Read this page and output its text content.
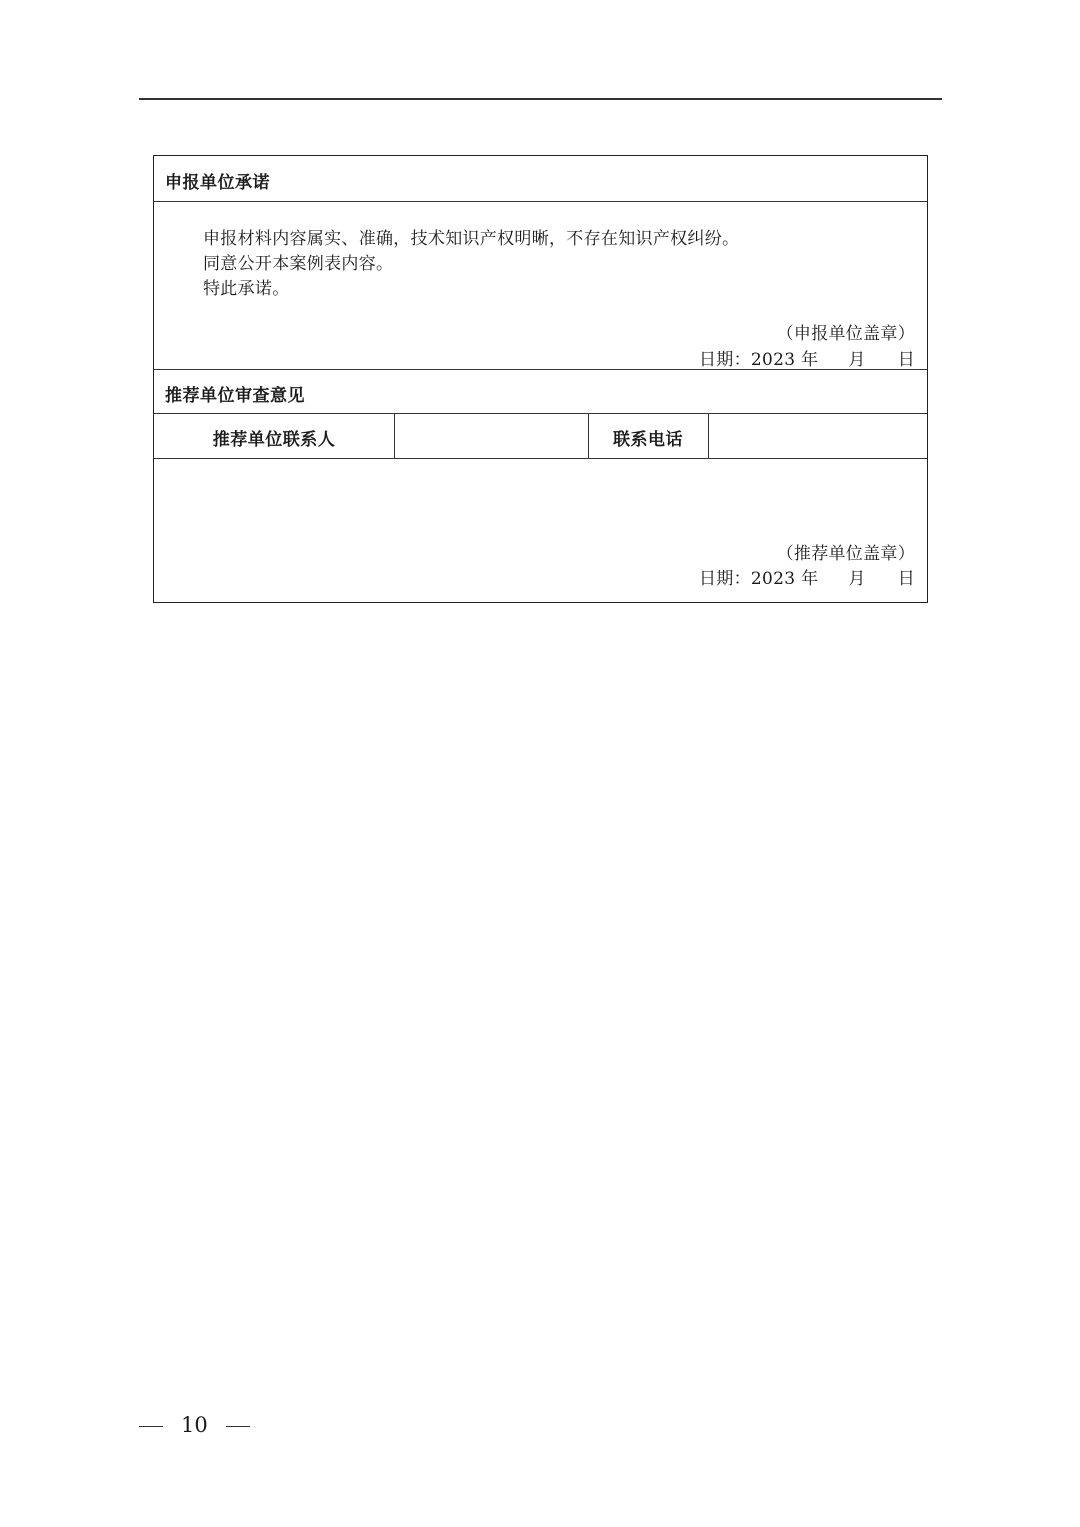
申报单位承诺
申报材料内容属实、准确，技术知识产权明晰，不存在知识产权纠纷。
同意公开本案例表内容。
特此承诺。
（申报单位盖章）
日期：2023 年 月 日
推荐单位审查意见
推荐单位联系人	联系电话
（推荐单位盖章）
日期：2023 年 月 日
10
